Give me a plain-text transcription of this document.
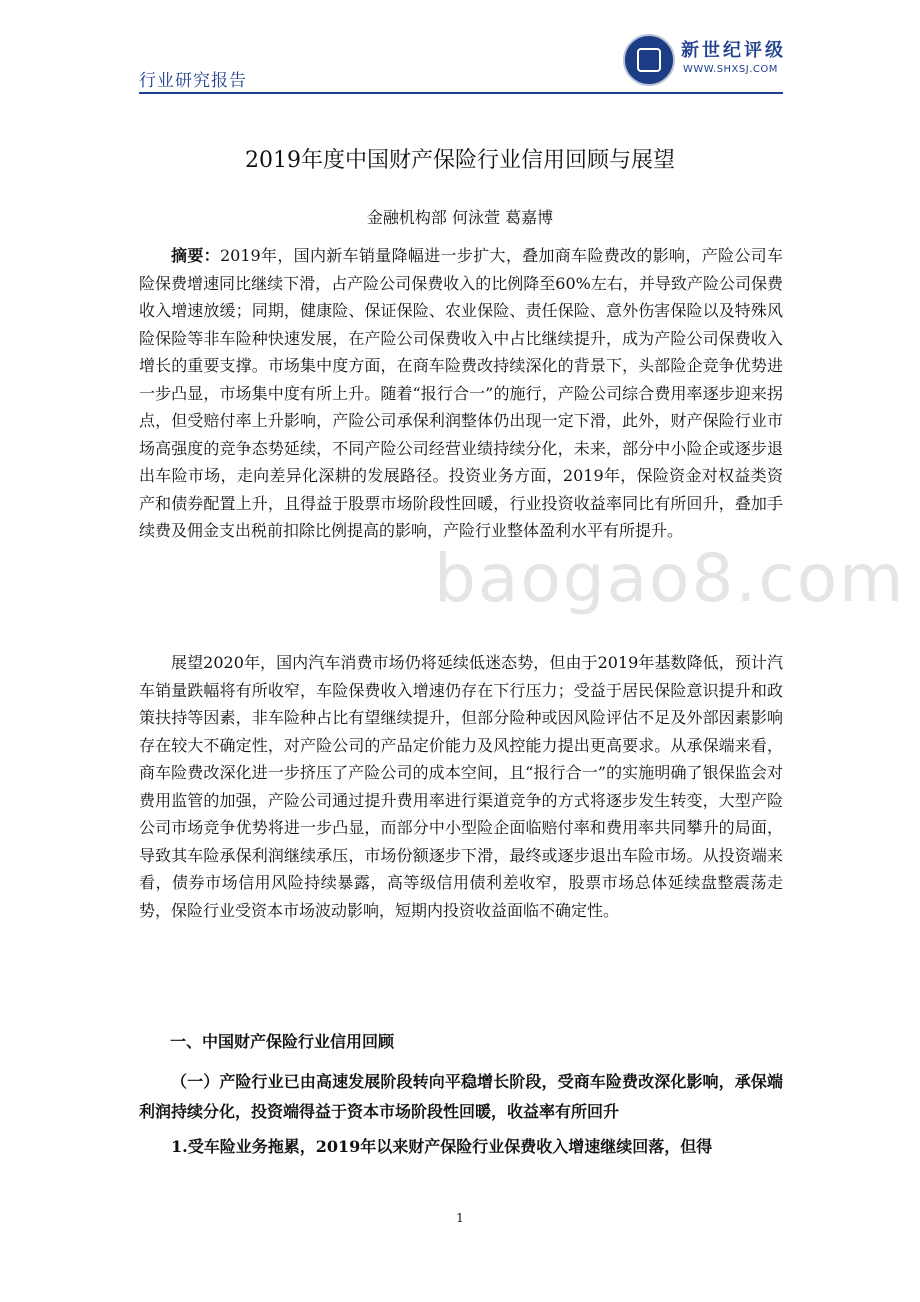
行业研究报告
新世纪评级
WWW.SHXSJ.COM
2019年度中国财产保险行业信用回顾与展望
金融机构部 何泳萱 葛嘉博

摘要：2019年，国内新车销量降幅进一步扩大，叠加商车险费改的影响，产险公司车险保费增速同比继续下滑，占产险公司保费收入的比例降至60%左右，并导致产险公司保费收入增速放缓；同期，健康险、保证保险、农业保险、责任保险、意外伤害保险以及特殊风险保险等非车险种快速发展，在产险公司保费收入中占比继续提升，成为产险公司保费收入增长的重要支撑。市场集中度方面，在商车险费改持续深化的背景下，头部险企竞争优势进一步凸显，市场集中度有所上升。随着“报行合一”的施行，产险公司综合费用率逐步迎来拐点，但受赔付率上升影响，产险公司承保利润整体仍出现一定下滑，此外，财产保险行业市场高强度的竞争态势延续，不同产险公司经营业绩持续分化，未来，部分中小险企或逐步退出车险市场，走向差异化深耕的发展路径。投资业务方面，2019年，保险资金对权益类资产和债券配置上升，且得益于股票市场阶段性回暖，行业投资收益率同比有所回升，叠加手续费及佣金支出税前扣除比例提高的影响，产险行业整体盈利水平有所提升。

展望2020年，国内汽车消费市场仍将延续低迷态势，但由于2019年基数降低，预计汽车销量跌幅将有所收窄，车险保费收入增速仍存在下行压力；受益于居民保险意识提升和政策扶持等因素，非车险种占比有望继续提升，但部分险种或因风险评估不足及外部因素影响存在较大不确定性，对产险公司的产品定价能力及风控能力提出更高要求。从承保端来看，商车险费改深化进一步挤压了产险公司的成本空间，且“报行合一”的实施明确了银保监会对费用监管的加强，产险公司通过提升费用率进行渠道竞争的方式将逐步发生转变，大型产险公司市场竞争优势将进一步凸显，而部分中小型险企面临赔付率和费用率共同攀升的局面，导致其车险承保利润继续承压，市场份额逐步下滑，最终或逐步退出车险市场。从投资端来看，债券市场信用风险持续暴露，高等级信用债利差收窄，股票市场总体延续盘整震荡走势，保险行业受资本市场波动影响，短期内投资收益面临不确定性。

baogao8.com

一、中国财产保险行业信用回顾

（一）产险行业已由高速发展阶段转向平稳增长阶段，受商车险费改深化影响，承保端利润持续分化，投资端得益于资本市场阶段性回暖，收益率有所回升

1.受车险业务拖累，2019年以来财产保险行业保费收入增速继续回落，但得

1
